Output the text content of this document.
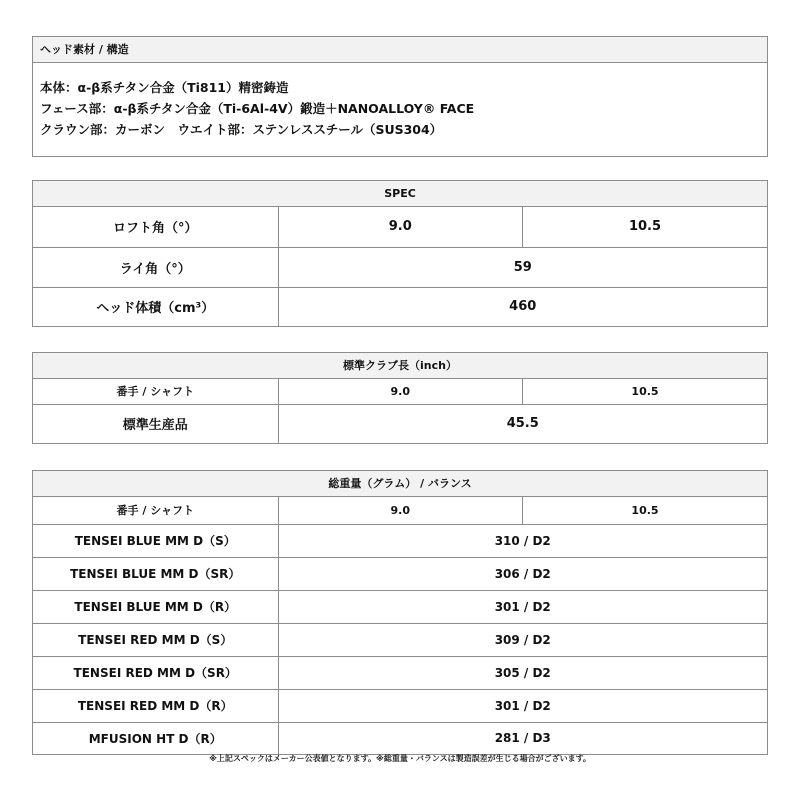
ヘッド素材 / 構造
本体：α-β系チタン合金（Ti811）精密鋳造
フェース部：α-β系チタン合金（Ti-6Al-4V）鍛造＋NANOALLOY® FACE
クラウン部：カーボン　ウエイト部：ステンレススチール（SUS304）
SPEC
ロフト角（°）	9.0	10.5
ライ角（°）	59	
ヘッド体積（cm³）	460	
標準クラブ長（inch）
番手 / シャフト	9.0	10.5
標準生産品	45.5	
総重量（グラム） / バランス
番手 / シャフト	9.0	10.5
TENSEI BLUE MM D（S）	310 / D2	
TENSEI BLUE MM D（SR）	306 / D2	
TENSEI BLUE MM D（R）	301 / D2	
TENSEI RED MM D（S）	309 / D2	
TENSEI RED MM D（SR）	305 / D2	
TENSEI RED MM D（R）	301 / D2	
MFUSION HT D（R）	281 / D3	
※上記スペックはメーカー公表値となります。※総重量・バランスは製造誤差が生じる場合がございます。
